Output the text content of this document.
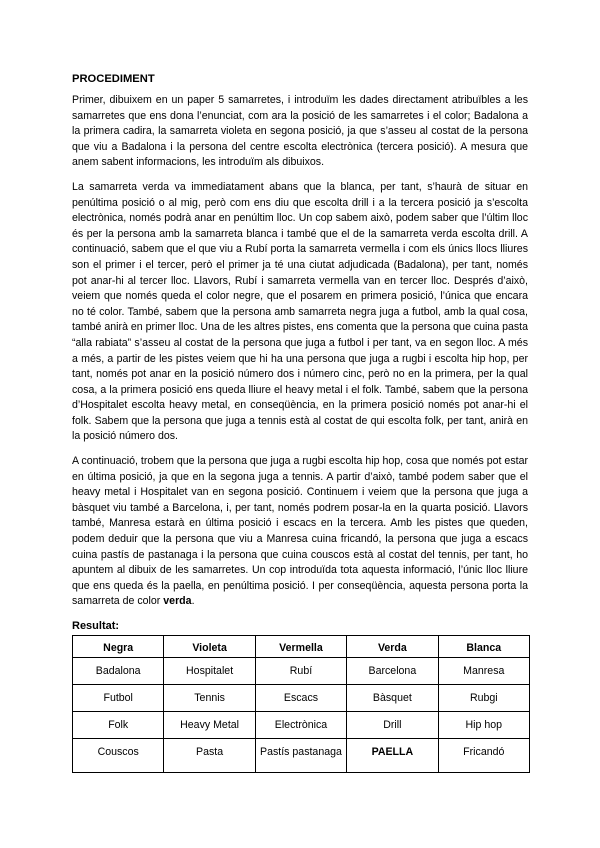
PROCEDIMENT

Primer, dibuixem en un paper 5 samarretes, i introduïm les dades directament atribuïbles a les samarretes que ens dona l’enunciat, com ara la posició de les samarretes i el color; Badalona a la primera cadira, la samarreta violeta en segona posició, ja que s’asseu al costat de la persona que viu a Badalona i la persona del centre escolta electrònica (tercera posició). A mesura que anem sabent informacions, les introduïm als dibuixos.

La samarreta verda va immediatament abans que la blanca, per tant, s’haurà de situar en penúltima posició o al mig, però com ens diu que escolta drill i a la tercera posició ja s’escolta electrònica, només podrà anar en penúltim lloc. Un cop sabem això, podem saber que l’últim lloc és per la persona amb la samarreta blanca i també que el de la samarreta verda escolta drill. A continuació, sabem que el que viu a Rubí porta la samarreta vermella i com els únics llocs lliures son el primer i el tercer, però el primer ja té una ciutat adjudicada (Badalona), per tant, només pot anar-hi al tercer lloc. Llavors, Rubí i samarreta vermella van en tercer lloc. Després d’això, veiem que només queda el color negre, que el posarem en primera posició, l’única que encara no té color. També, sabem que la persona amb samarreta negra juga a futbol, amb la qual cosa, també anirà en primer lloc. Una de les altres pistes, ens comenta que la persona que cuina pasta “alla rabiata” s’asseu al costat de la persona que juga a futbol i per tant, va en segon lloc. A més a més, a partir de les pistes veiem que hi ha una persona que juga a rugbi i escolta hip hop, per tant, només pot anar en la posició número dos i número cinc, però no en la primera, per la qual cosa, a la primera posició ens queda lliure el heavy metal i el folk. També, sabem que la persona d’Hospitalet escolta heavy metal, en conseqüència, en la primera posició només pot anar-hi el folk. Sabem que la persona que juga a tennis està al costat de qui escolta folk, per tant, anirà en la posició número dos.

A continuació, trobem que la persona que juga a rugbi escolta hip hop, cosa que només pot estar en última posició, ja que en la segona juga a tennis. A partir d’això, també podem saber que el heavy metal i Hospitalet van en segona posició. Continuem i veiem que la persona que juga a bàsquet viu també a Barcelona, i, per tant, només podrem posar-la en la quarta posició. Llavors també, Manresa estarà en última posició i escacs en la tercera. Amb les pistes que queden, podem deduir que la persona que viu a Manresa cuina fricandó, la persona que juga a escacs cuina pastís de pastanaga i la persona que cuina couscos està al costat del tennis, per tant, ho apuntem al dibuix de les samarretes. Un cop introduïda tota aquesta informació, l’únic lloc lliure que ens queda és la paella, en penúltima posició. I per conseqüència, aquesta persona porta la samarreta de color verda.

Resultat:
Negra	Violeta	Vermella	Verda	Blanca
Badalona	Hospitalet	Rubí	Barcelona	Manresa
Futbol	Tennis	Escacs	Bàsquet	Rubgi
Folk	Heavy Metal	Electrònica	Drill	Hip hop
Couscos	Pasta	Pastís pastanaga	PAELLA	Fricandó
